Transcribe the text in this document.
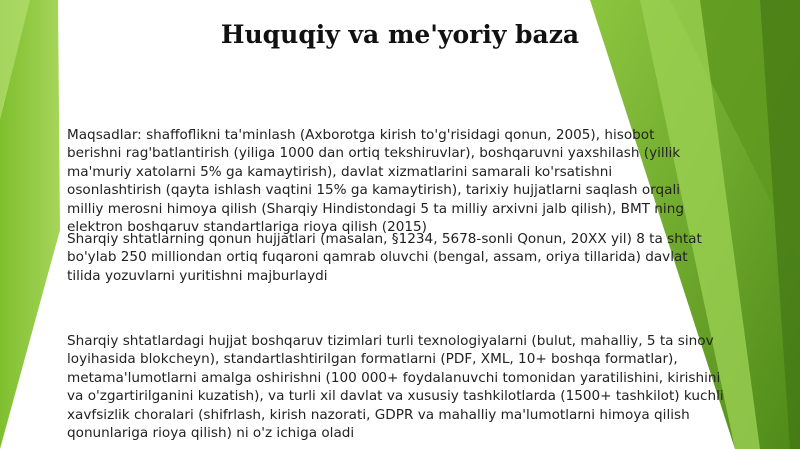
Huquqiy va me'yoriy baza
Maqsadlar: shaffoflikni ta'minlash (Axborotga kirish to'g'risidagi qonun, 2005), hisobot
berishni rag'batlantirish (yiliga 1000 dan ortiq tekshiruvlar), boshqaruvni yaxshilash (yillik
ma'muriy xatolarni 5% ga kamaytirish), davlat xizmatlarini samarali ko'rsatishni
osonlashtirish (qayta ishlash vaqtini 15% ga kamaytirish), tarixiy hujjatlarni saqlash orqali
milliy merosni himoya qilish (Sharqiy Hindistondagi 5 ta milliy arxivni jalb qilish), BMT ning
elektron boshqaruv standartlariga rioya qilish (2015)
Sharqiy shtatlarning qonun hujjatlari (masalan, §1234, 5678-sonli Qonun, 20XX yil) 8 ta shtat
bo'ylab 250 milliondan ortiq fuqaroni qamrab oluvchi (bengal, assam, oriya tillarida) davlat
tilida yozuvlarni yuritishni majburlaydi
Sharqiy shtatlardagi hujjat boshqaruv tizimlari turli texnologiyalarni (bulut, mahalliy, 5 ta sinov
loyihasida blokcheyn), standartlashtirilgan formatlarni (PDF, XML, 10+ boshqa formatlar),
metama'lumotlarni amalga oshirishni (100 000+ foydalanuvchi tomonidan yaratilishini, kirishini
va o'zgartirilganini kuzatish), va turli xil davlat va xususiy tashkilotlarda (1500+ tashkilot) kuchli
xavfsizlik choralari (shifrlash, kirish nazorati, GDPR va mahalliy ma'lumotlarni himoya qilish
qonunlariga rioya qilish) ni o'z ichiga oladi
